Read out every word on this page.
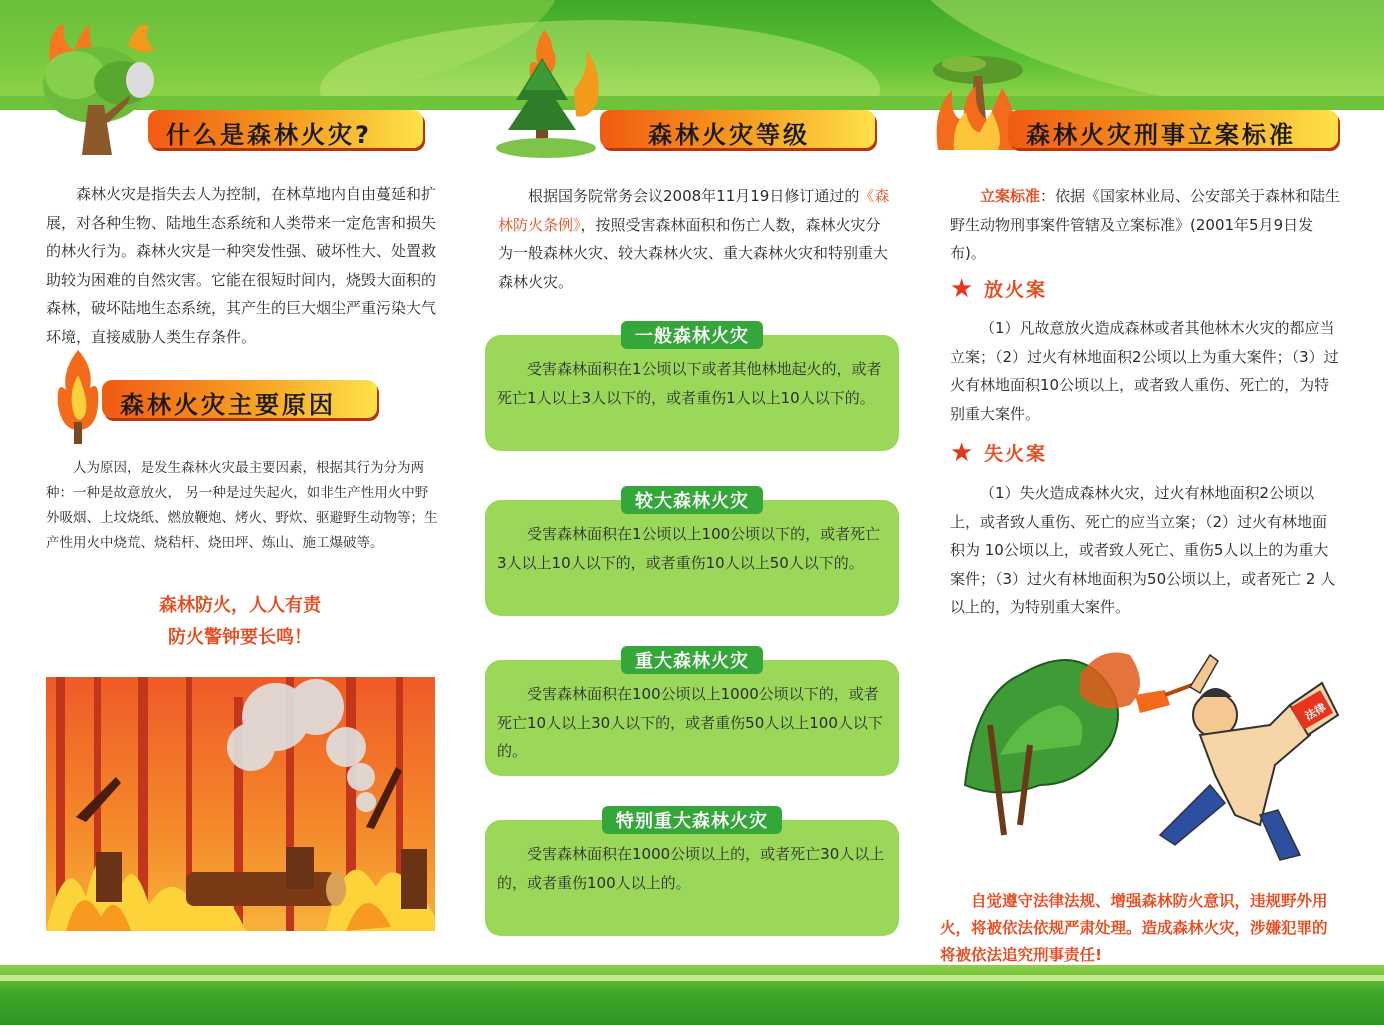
什么是森林火灾?

森林火灾是指失去人为控制，在林草地内自由蔓延和扩展，对各种生物、陆地生态系统和人类带来一定危害和损失的林火行为。森林火灾是一种突发性强、破坏性大、处置救助较为困难的自然灾害。它能在很短时间内，烧毁大面积的森林，破坏陆地生态系统，其产生的巨大烟尘严重污染大气环境，直接威胁人类生存条件。

森林火灾主要原因

人为原因，是发生森林火灾最主要因素，根据其行为分为两种：一种是故意放火， 另一种是过失起火，如非生产性用火中野外吸烟、上坟烧纸、燃放鞭炮、烤火、野炊、驱避野生动物等；生产性用火中烧荒、烧秸杆、烧田坪、炼山、施工爆破等。

森林防火，人人有责
防火警钟要长鸣！
森林火灾等级

根据国务院常务会议2008年11月19日修订通过的《森林防火条例》，按照受害森林面积和伤亡人数，森林火灾分为一般森林火灾、较大森林火灾、重大森林火灾和特别重大森林火灾。

一般森林火灾

受害森林面积在1公顷以下或者其他林地起火的，或者死亡1人以上3人以下的，或者重伤1人以上10人以下的。

较大森林火灾

受害森林面积在1公顷以上100公顷以下的，或者死亡3人以上10人以下的，或者重伤10人以上50人以下的。

重大森林火灾

受害森林面积在100公顷以上1000公顷以下的，或者死亡10人以上30人以下的，或者重伤50人以上100人以下的。

特别重大森林火灾

受害森林面积在1000公顷以上的，或者死亡30人以上的，或者重伤100人以上的。

森林火灾刑事立案标准

立案标准：依据《国家林业局、公安部关于森林和陆生野生动物刑事案件管辖及立案标准》(2001年5月9日发布)。

★ 放火案

（1）凡故意放火造成森林或者其他林木火灾的都应当立案；（2）过火有林地面积2公顷以上为重大案件；（3）过火有林地面积10公顷以上，或者致人重伤、死亡的，为特别重大案件。

★ 失火案

（1）失火造成森林火灾，过火有林地面积2公顷以上，或者致人重伤、死亡的应当立案；（2）过火有林地面积为 10公顷以上，或者致人死亡、重伤5人以上的为重大案件；（3）过火有林地面积为50公顷以上，或者死亡 2 人以上的，为特别重大案件。

法律

自觉遵守法律法规、增强森林防火意识，违规野外用火，将被依法依规严肃处理。造成森林火灾，涉嫌犯罪的将被依法追究刑事责任!
